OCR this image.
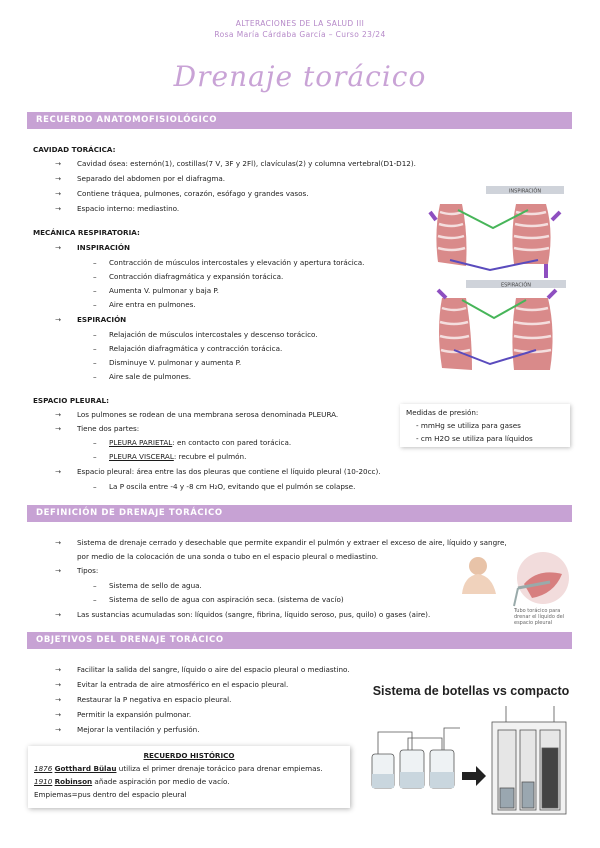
ALTERACIONES DE LA SALUD III
Rosa María Cárdaba García – Curso 23/24
Drenaje torácico
RECUERDO ANATOMOFISIOLÓGICO
CAVIDAD TORÁCICA:
→ Cavidad ósea: esternón(1), costillas(7 V, 3F y 2Fl), clavículas(2) y columna vertebral(D1-D12).
→ Separado del abdomen por el diafragma.
→ Contiene tráquea, pulmones, corazón, esófago y grandes vasos.
→ Espacio interno: mediastino.
MECÁNICA RESPIRATORIA:
→ INSPIRACIÓN
– Contracción de músculos intercostales y elevación y apertura torácica.
– Contracción diafragmática y expansión torácica.
– Aumenta V. pulmonar y baja P.
– Aire entra en pulmones.
→ ESPIRACIÓN
– Relajación de músculos intercostales y descenso torácico.
– Relajación diafragmática y contracción torácica.
– Disminuye V. pulmonar y aumenta P.
– Aire sale de pulmones.
INSPIRACIÓN
ESPIRACIÓN
ESPACIO PLEURAL:
→ Los pulmones se rodean de una membrana serosa denominada PLEURA.
→ Tiene dos partes:
– PLEURA PARIETAL: en contacto con pared torácica.
– PLEURA VISCERAL: recubre el pulmón.
→ Espacio pleural: área entre las dos pleuras que contiene el líquido pleural (10-20cc).
– La P oscila entre -4 y -8 cm H₂O, evitando que el pulmón se colapse.
Medidas de presión:
- mmHg se utiliza para gases
- cm H2O se utiliza para líquidos
DEFINICIÓN DE DRENAJE TORÁCICO
→ Sistema de drenaje cerrado y desechable que permite expandir el pulmón y extraer el exceso de aire, líquido y sangre,
por medio de la colocación de una sonda o tubo en el espacio pleural o mediastino.
→ Tipos:
– Sistema de sello de agua.
– Sistema de sello de agua con aspiración seca. (sistema de vacío)
→ Las sustancias acumuladas son: líquidos (sangre, fibrina, líquido seroso, pus, quilo) o gases (aire).	Tubo torácico para drenar el líquido del espacio pleural
OBJETIVOS DEL DRENAJE TORÁCICO
→ Facilitar la salida del sangre, líquido o aire del espacio pleural o mediastino.
→ Evitar la entrada de aire atmosférico en el espacio pleural.
→ Restaurar la P negativa en espacio pleural.
→ Permitir la expansión pulmonar.
→ Mejorar la ventilación y perfusión.
RECUERDO HISTÓRICO
1876 Gotthard Bülau utiliza el primer drenaje torácico para drenar empiemas.
1910 Robinson añade aspiración por medio de vacío.
Empiemas=pus dentro del espacio pleural
Sistema de botellas vs compacto
